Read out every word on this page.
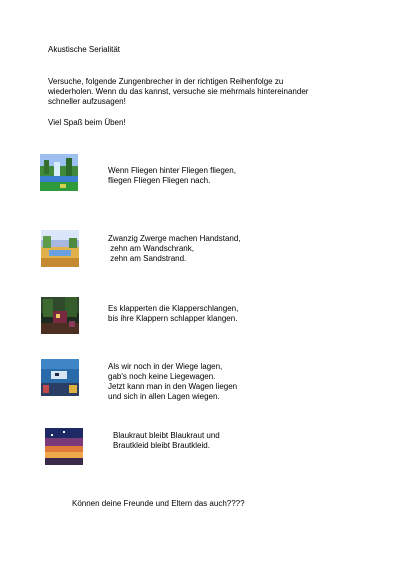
Akustische Serialität
Versuche, folgende Zungenbrecher in der richtigen Reihenfolge zu
wiederholen. Wenn du das kannst, versuche sie mehrmals hintereinander
schneller aufzusagen!
Viel Spaß beim Üben!
Wenn Fliegen hinter Fliegen fliegen,
fliegen Fliegen Fliegen nach.
Zwanzig Zwerge machen Handstand,
zehn am Wandschrank,
zehn am Sandstrand.
Es klapperten die Klapperschlangen,
bis ihre Klappern schlapper klangen.
Als wir noch in der Wiege lagen,
gab's noch keine Liegewagen.
Jetzt kann man in den Wagen liegen
und sich in allen Lagen wiegen.
Blaukraut bleibt Blaukraut und
Brautkleid bleibt Brautkleid.
Können deine Freunde und Eltern das auch????
